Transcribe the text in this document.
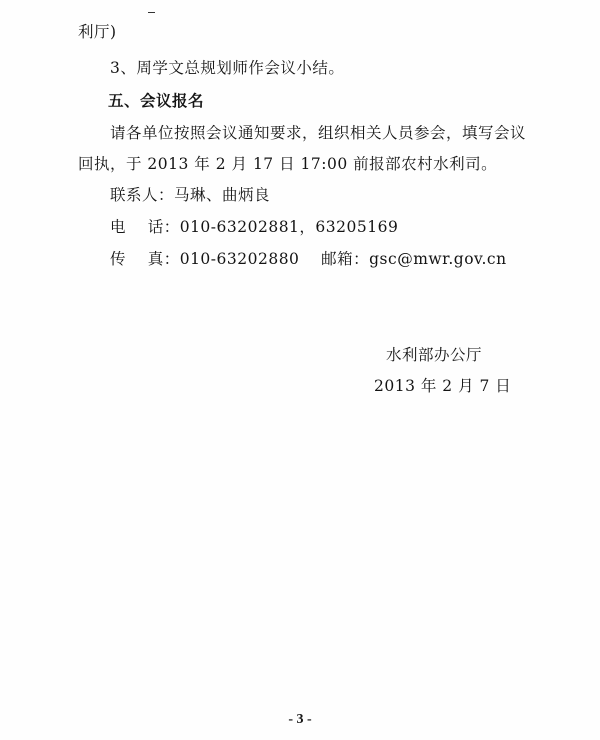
利厅)
3、周学文总规划师作会议小结。
五、会议报名
请各单位按照会议通知要求，组织相关人员参会，填写会议
回执，于 2013 年 2 月 17 日 17:00 前报部农村水利司。
联系人：马琳、曲炳良
电    话：010-63202881，63205169
传    真：010-63202880    邮箱：gsc@mwr.gov.cn
水利部办公厅
2013 年 2 月 7 日
- 3 -
